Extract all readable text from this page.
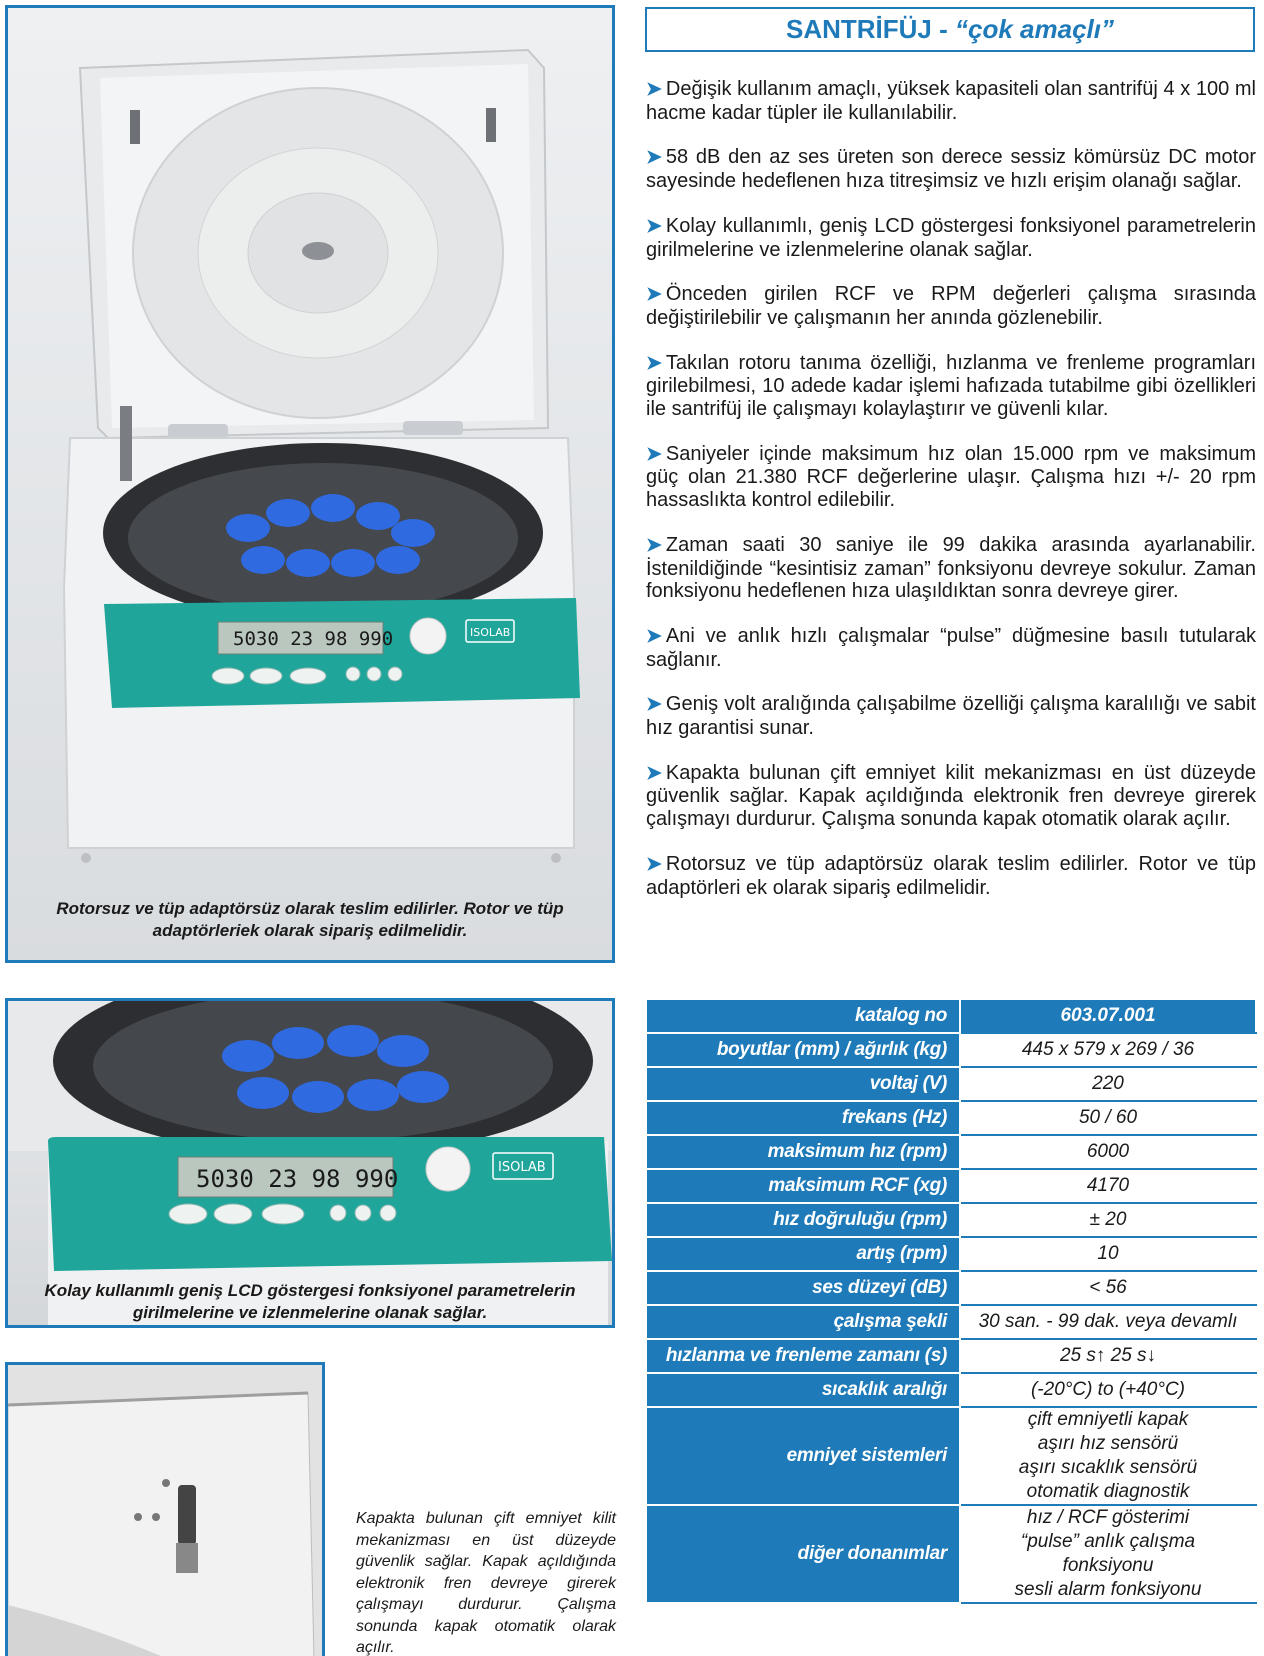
5030 23 98 990	ISOLAB
Rotorsuz ve tüp adaptörsüz olarak teslim edilirler. Rotor ve tüp adaptörleriek olarak sipariş edilmelidir.
5030 23 98 990	ISOLAB
Kolay kullanımlı geniş LCD göstergesi fonksiyonel parametrelerin girilmelerine ve izlenmelerine olanak sağlar.
Kapakta bulunan çift emniyet kilit mekanizması en üst düzeyde güvenlik sağlar. Kapak açıldığında elektronik fren devreye girerek çalışmayı durdurur. Çalışma sonunda kapak otomatik olarak açılır.
SANTRİFÜJ - “çok amaçlı”

➤ Değişik kullanım amaçlı, yüksek kapasiteli olan santrifüj 4 x 100 ml hacme kadar tüpler ile kullanılabilir.

➤ 58 dB den az ses üreten son derece sessiz kömürsüz DC motor sayesinde hedeflenen hıza titreşimsiz ve hızlı erişim olanağı sağlar.

➤ Kolay kullanımlı, geniş LCD göstergesi fonksiyonel parametrelerin girilmelerine ve izlenmelerine olanak sağlar.

➤ Önceden girilen RCF ve RPM değerleri çalışma sırasında değiştirilebilir ve çalışmanın her anında gözlenebilir.

➤ Takılan rotoru tanıma özelliği, hızlanma ve frenleme programları girilebilmesi, 10 adede kadar işlemi hafızada tutabilme gibi özellikleri ile santrifüj ile çalışmayı kolaylaştırır ve güvenli kılar.

➤ Saniyeler içinde maksimum hız olan 15.000 rpm ve maksimum güç olan 21.380 RCF değerlerine ulaşır. Çalışma hızı +/- 20 rpm hassaslıkta kontrol edilebilir.

➤ Zaman saati 30 saniye ile 99 dakika arasında ayarlanabilir. İstenildiğinde “kesintisiz zaman” fonksiyonu devreye sokulur. Zaman fonksiyonu hedeflenen hıza ulaşıldıktan sonra devreye girer.

➤ Ani ve anlık hızlı çalışmalar “pulse” düğmesine basılı tutularak sağlanır.

➤ Geniş volt aralığında çalışabilme özelliği çalışma karalılığı ve sabit hız garantisi sunar.

➤ Kapakta bulunan çift emniyet kilit mekanizması en üst düzeyde güvenlik sağlar. Kapak açıldığında elektronik fren devreye girerek çalışmayı durdurur. Çalışma sonunda kapak otomatik olarak açılır.

➤ Rotorsuz ve tüp adaptörsüz olarak teslim edilirler. Rotor ve tüp adaptörleri ek olarak sipariş edilmelidir.

katalog no	603.07.001

boyutlar (mm) / ağırlık (kg)	445 x 579 x 269 / 36

voltaj (V)	220

frekans (Hz)	50 / 60

maksimum hız (rpm)	6000

maksimum RCF (xg)	4170

hız doğruluğu (rpm)	± 20

artış (rpm)	10

ses düzeyi (dB)	< 56

çalışma şekli	30 san. - 99 dak. veya devamlı

hızlanma ve frenleme zamanı (s)	25 s↑ 25 s↓

sıcaklık aralığı	(-20°C) to (+40°C)

emniyet sistemleri	çift emniyetli kapak
aşırı hız sensörü
aşırı sıcaklık sensörü
otomatik diagnostik

diğer donanımlar	hız / RCF gösterimi
“pulse” anlık çalışma fonksiyonu
sesli alarm fonksiyonu
